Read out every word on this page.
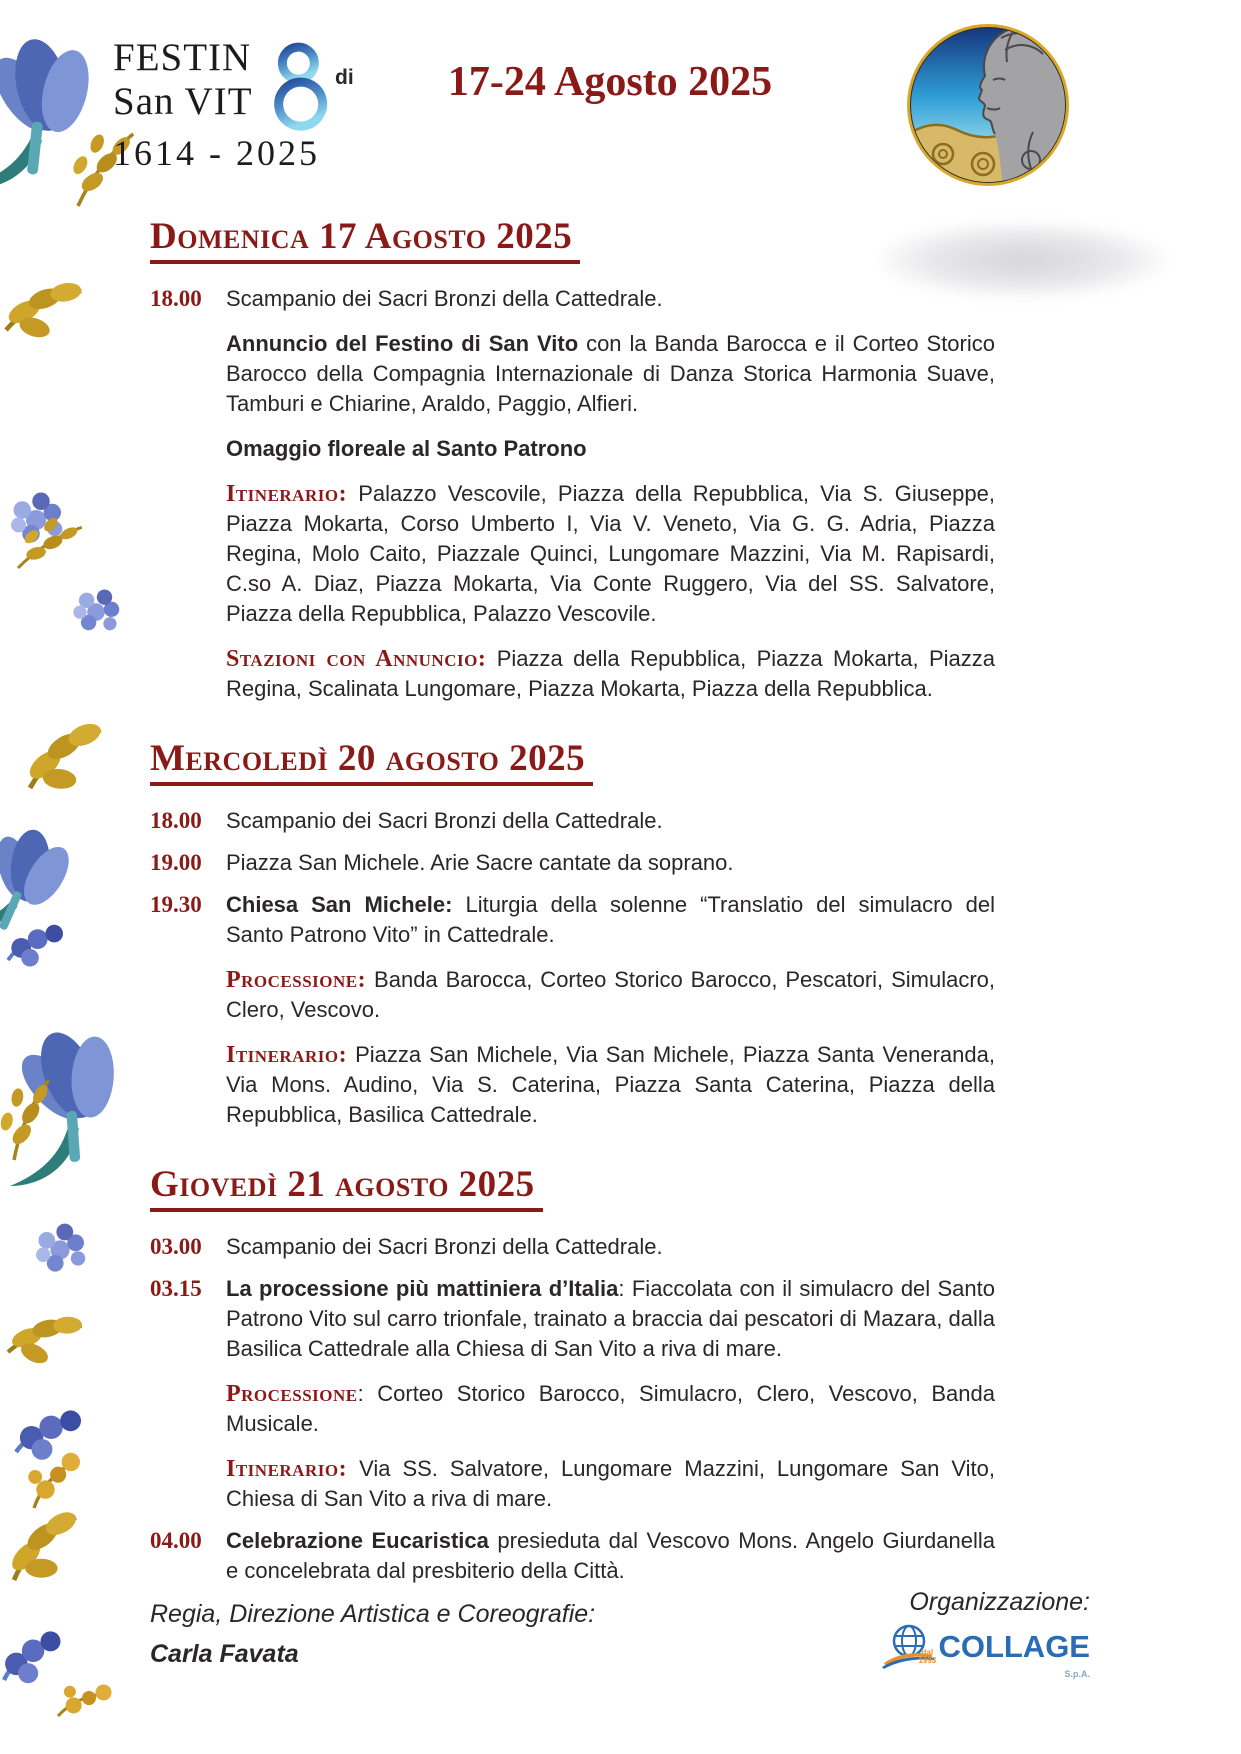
FESTIN
San VIT
di
1614 - 2025
17-24 Agosto 2025
Domenica 17 Agosto 2025
18.00	Scampanio dei Sacri Bronzi della Cattedrale.

Annuncio del Festino di San Vito con la Banda Barocca e il Corteo Storico Barocco della Compagnia Internazionale di Danza Storica Harmonia Suave, Tamburi e Chiarine, Araldo, Paggio, Alfieri.

Omaggio floreale al Santo Patrono

Itinerario: Palazzo Vescovile, Piazza della Repubblica, Via S. Giuseppe, Piazza Mokarta, Corso Umberto I, Via V. Veneto, Via G. G. Adria, Piazza Regina, Molo Caito, Piazzale Quinci, Lungomare Mazzini, Via M. Rapisardi, C.so A. Diaz, Piazza Mokarta, Via Conte Ruggero, Via del SS. Salvatore, Piazza della Repubblica, Palazzo Vescovile.

Stazioni con Annuncio: Piazza della Repubblica, Piazza Mokarta, Piazza Regina, Scalinata Lungomare, Piazza Mokarta, Piazza della Repubblica.

Mercoledì 20 agosto 2025
18.00	Scampanio dei Sacri Bronzi della Cattedrale.

19.00	Piazza San Michele. Arie Sacre cantate da soprano.

19.30	Chiesa San Michele: Liturgia della solenne “Translatio del simulacro del Santo Patrono Vito” in Cattedrale.

Processione: Banda Barocca, Corteo Storico Barocco, Pescatori, Simulacro, Clero, Vescovo.

Itinerario: Piazza San Michele, Via San Michele, Piazza Santa Veneranda, Via Mons. Audino, Via S. Caterina, Piazza Santa Caterina, Piazza della Repubblica, Basilica Cattedrale.

Giovedì 21 agosto 2025
03.00	Scampanio dei Sacri Bronzi della Cattedrale.

03.15	La processione più mattiniera d’Italia: Fiaccolata con il simulacro del Santo Patrono Vito sul carro trionfale, trainato a braccia dai pescatori di Mazara, dalla Basilica Cattedrale alla Chiesa di San Vito a riva di mare.

Processione: Corteo Storico Barocco, Simulacro, Clero, Vescovo, Banda Musicale.

Itinerario: Via SS. Salvatore, Lungomare Mazzini, Lungomare San Vito, Chiesa di San Vito a riva di mare.

04.00	Celebrazione Eucaristica presieduta dal Vescovo Mons. Angelo Giurdanella e concelebrata dal presbiterio della Città.

Regia, Direzione Artistica e Coreografie:
Carla Favata
Organizzazione:
dal
1993 COLLAGE
S.p.A.
